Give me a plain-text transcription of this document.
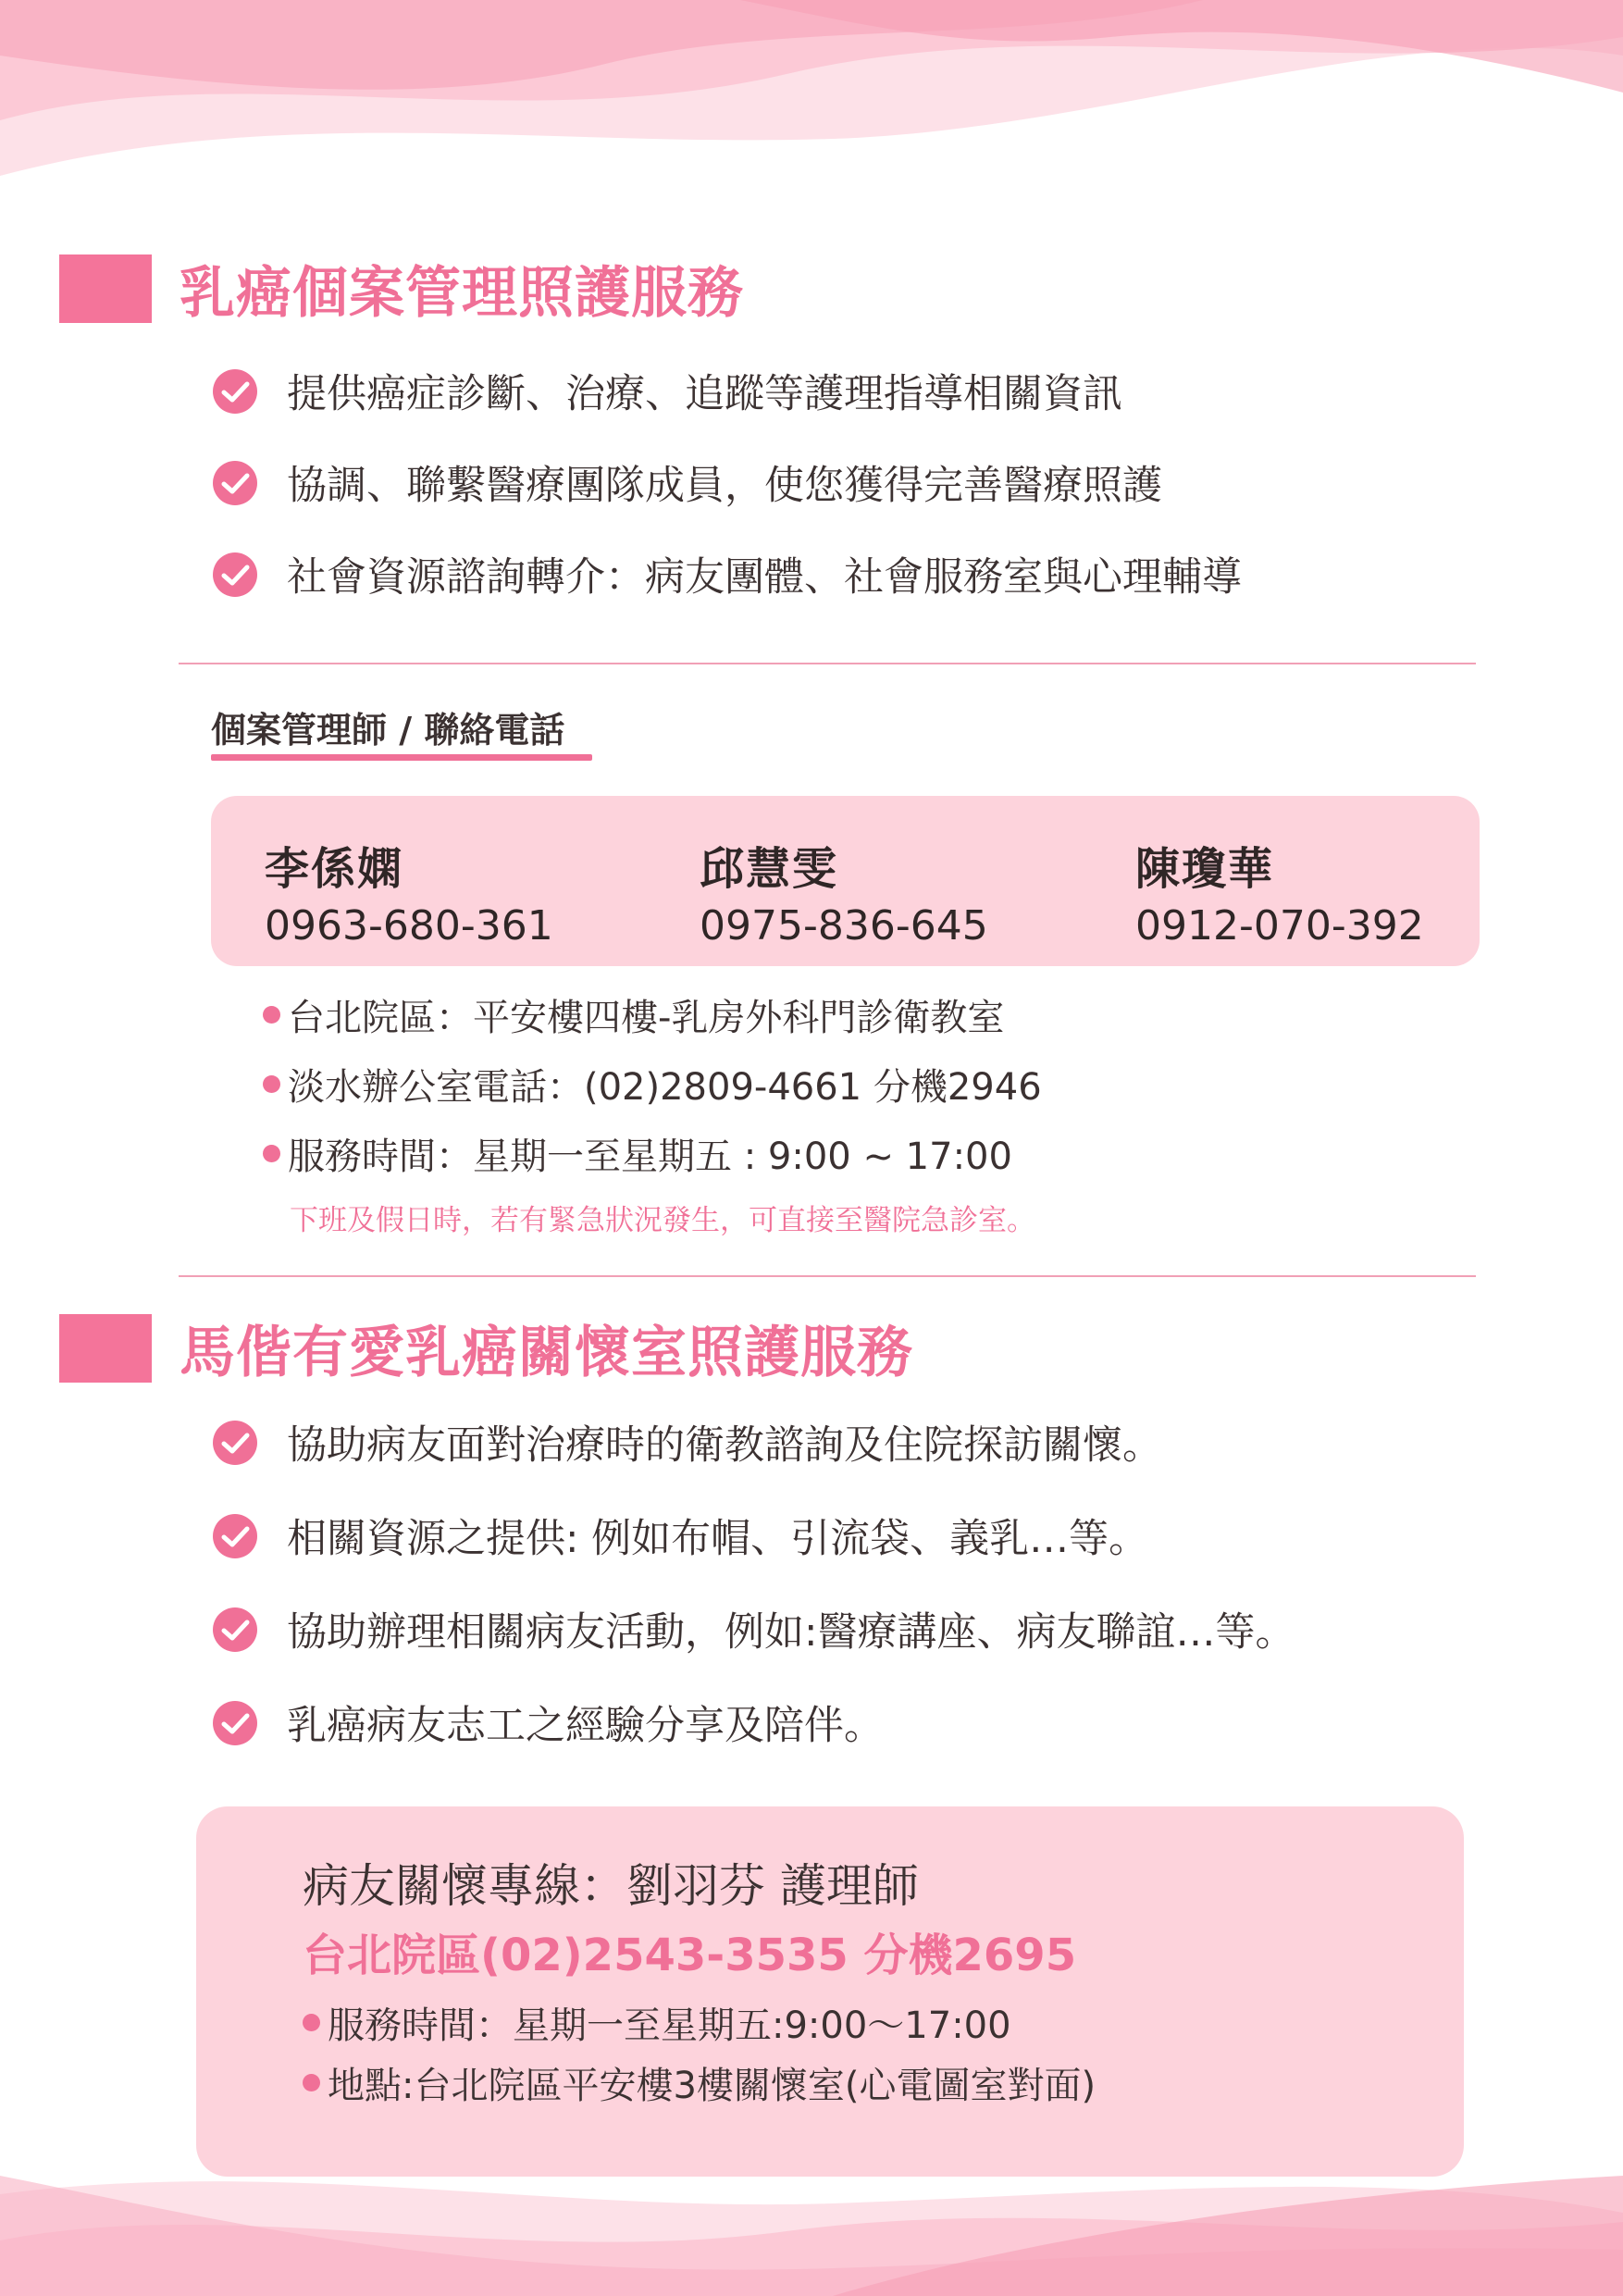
乳癌個案管理照護服務
提供癌症診斷、治療、追蹤等護理指導相關資訊
協調、聯繫醫療團隊成員，使您獲得完善醫療照護
社會資源諮詢轉介：病友團體、社會服務室與心理輔導
個案管理師 / 聯絡電話
李係嫻
0963-680-361
邱慧雯
0975-836-645
陳瓊華
0912-070-392
台北院區：平安樓四樓-乳房外科門診衛教室
淡水辦公室電話：(02)2809-4661 分機2946
服務時間：星期一至星期五 : 9:00 ~ 17:00
下班及假日時，若有緊急狀況發生，可直接至醫院急診室。
馬偕有愛乳癌關懷室照護服務
協助病友面對治療時的衛教諮詢及住院探訪關懷。
相關資源之提供: 例如布帽、引流袋、義乳…等。
協助辦理相關病友活動，例如:醫療講座、病友聯誼…等。
乳癌病友志工之經驗分享及陪伴。
病友關懷專線：劉羽芬 護理師
台北院區(02)2543-3535 分機2695
服務時間：星期一至星期五:9:00～17:00
地點:台北院區平安樓3樓關懷室(心電圖室對面)
